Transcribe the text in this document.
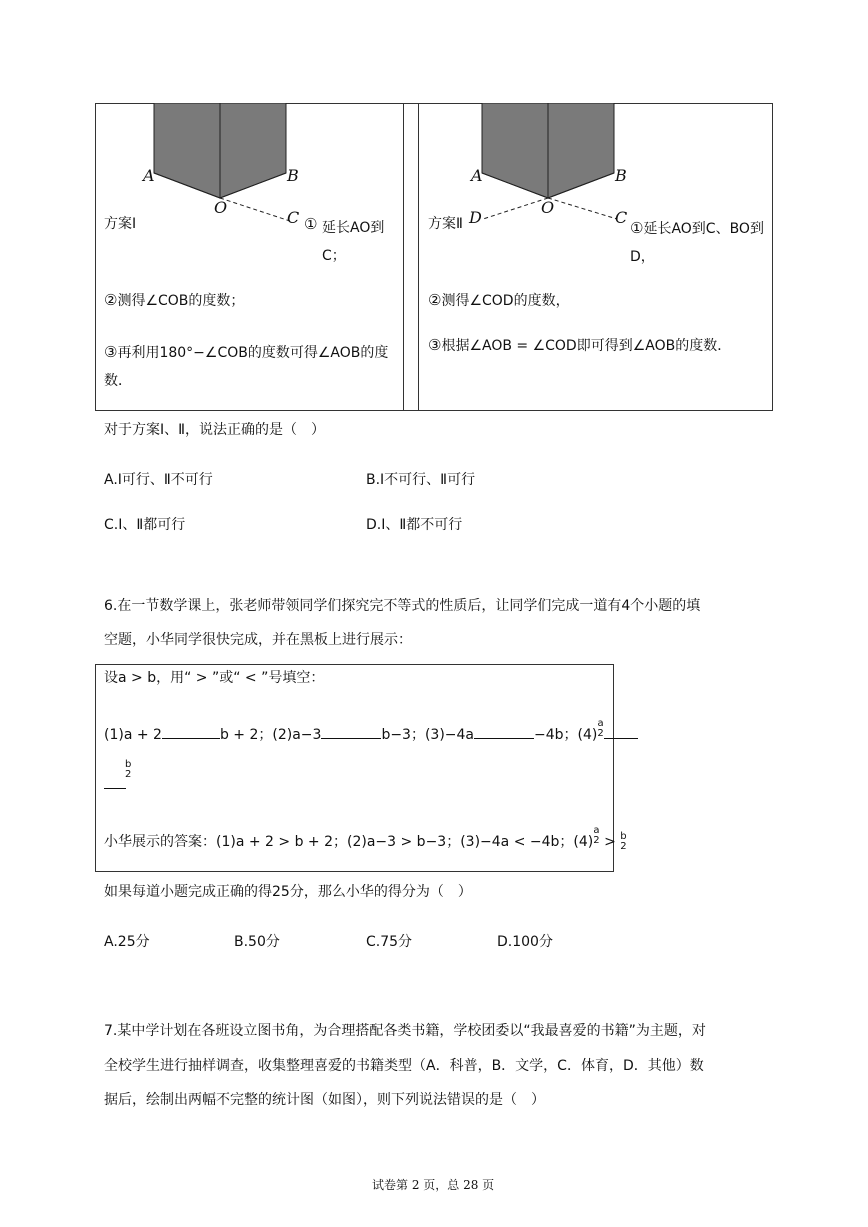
A	B
O
C
方案Ⅰ	① 延长AO到C；
②测得∠COB的度数；
③再利用180°−∠COB的度数可得∠AOB的度数．
A	B
O
C
D
方案Ⅱ	①延长AO到C、BO到D，
②测得∠COD的度数，
③根据∠AOB = ∠COD即可得到∠AOB的度数．
对于方案Ⅰ、Ⅱ，说法正确的是（　）
A.Ⅰ可行、Ⅱ不可行	B.Ⅰ不可行、Ⅱ可行
C.Ⅰ、Ⅱ都可行	D.Ⅰ、Ⅱ都不可行
6.在一节数学课上，张老师带领同学们探究完不等式的性质后，让同学们完成一道有4个小题的填
空题，小华同学很快完成，并在黑板上进行展示：
设a > b，用“ > ”或“ < ”号填空：
(1)a + 2	b + 2；(2)a−3	b−3；(3)−4a	−4b；(4)
a
2
b
2
小华展示的答案：(1)a + 2 > b + 2；(2)a−3 > b−3；(3)−4a < −4b；(4)
a
2 > b
2
如果每道小题完成正确的得25分，那么小华的得分为（　）
A.25分	B.50分	C.75分	D.100分
7.某中学计划在各班设立图书角，为合理搭配各类书籍，学校团委以“我最喜爱的书籍”为主题，对
全校学生进行抽样调查，收集整理喜爱的书籍类型（A．科普，B．文学，C．体育，D．其他）数
据后，绘制出两幅不完整的统计图（如图），则下列说法错误的是（　）
试卷第 2 页，总 28 页
